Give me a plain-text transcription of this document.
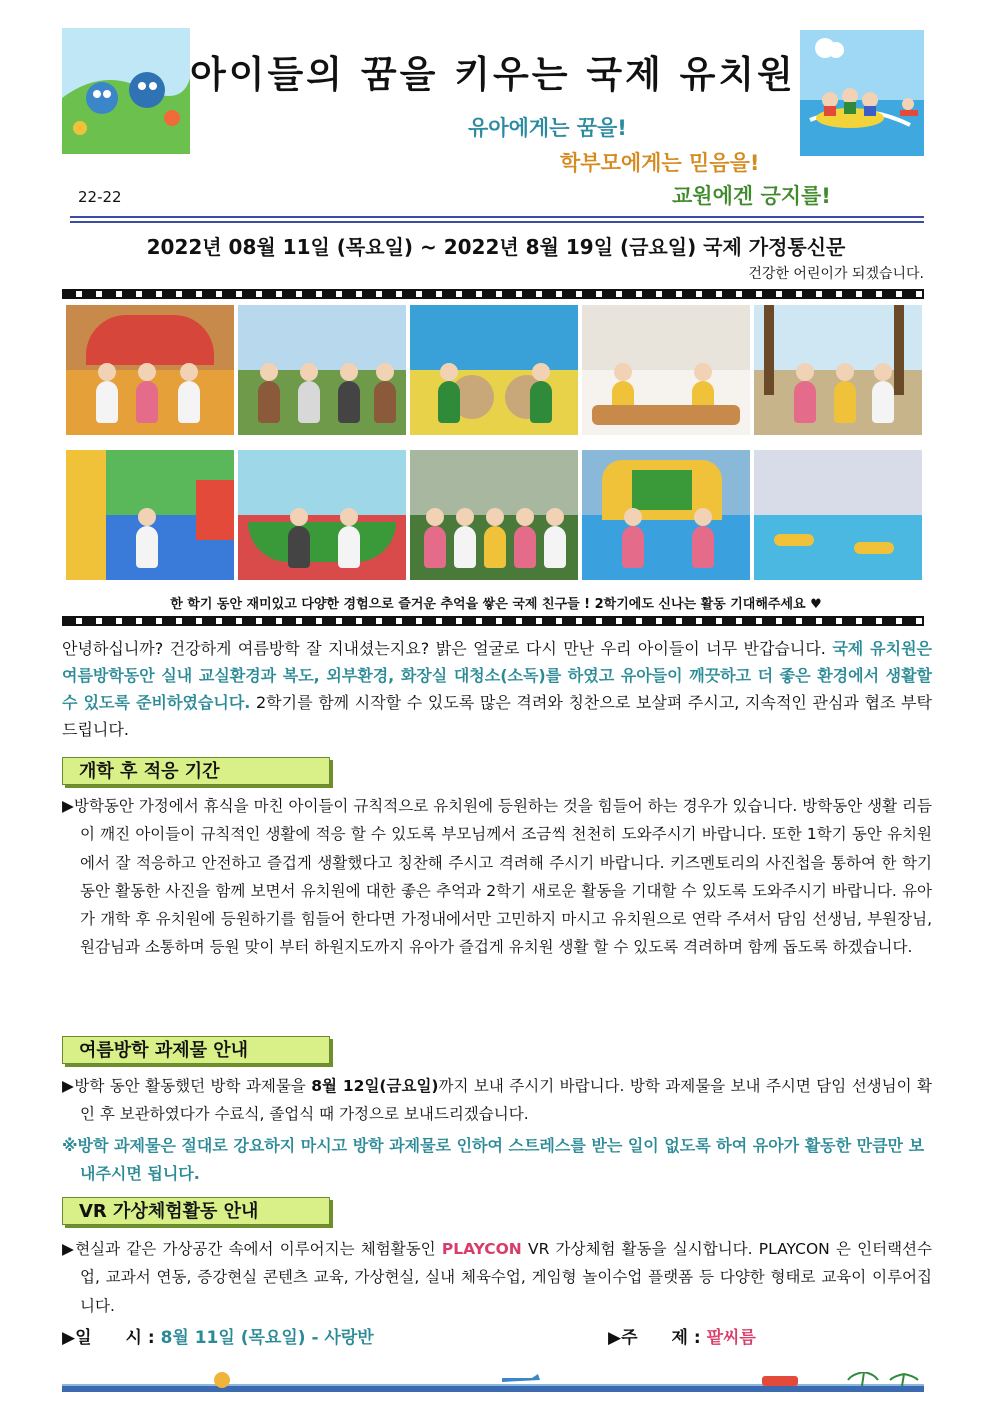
아이들의 꿈을 키우는 국제 유치원
유아에게는 꿈을!
학부모에게는 믿음을!
교원에겐 긍지를!
22-22
2022년 08월 11일 (목요일) ~ 2022년 8월 19일 (금요일) 국제 가정통신문
건강한 어린이가 되겠습니다.
한 학기 동안 재미있고 다양한 경험으로 즐거운 추억을 쌓은 국제 친구들 ! 2학기에도 신나는 활동 기대해주세요 ♥
안녕하십니까? 건강하게 여름방학 잘 지내셨는지요? 밝은 얼굴로 다시 만난 우리 아이들이 너무 반갑습니다. 국제 유치원은 여름방학동안 실내 교실환경과 복도, 외부환경, 화장실 대청소(소독)를 하였고 유아들이 깨끗하고 더 좋은 환경에서 생활할 수 있도록 준비하였습니다. 2학기를 함께 시작할 수 있도록 많은 격려와 칭찬으로 보살펴 주시고, 지속적인 관심과 협조 부탁드립니다.
개학 후 적응 기간
▶방학동안 가정에서 휴식을 마친 아이들이 규칙적으로 유치원에 등원하는 것을 힘들어 하는 경우가 있습니다. 방학동안 생활 리듬이 깨진 아이들이 규칙적인 생활에 적응 할 수 있도록 부모님께서 조금씩 천천히 도와주시기 바랍니다. 또한 1학기 동안 유치원에서 잘 적응하고 안전하고 즐겁게 생활했다고 칭찬해 주시고 격려해 주시기 바랍니다. 키즈멘토리의 사진첩을 통하여 한 학기 동안 활동한 사진을 함께 보면서 유치원에 대한 좋은 추억과 2학기 새로운 활동을 기대할 수 있도록 도와주시기 바랍니다. 유아가 개학 후 유치원에 등원하기를 힘들어 한다면 가정내에서만 고민하지 마시고 유치원으로 연락 주셔서 담임 선생님, 부원장님, 원감님과 소통하며 등원 맞이 부터 하원지도까지 유아가 즐겁게 유치원 생활 할 수 있도록 격려하며 함께 돕도록 하겠습니다.
여름방학 과제물 안내
▶방학 동안 활동했던 방학 과제물을 8월 12일(금요일)까지 보내 주시기 바랍니다. 방학 과제물을 보내 주시면 담임 선생님이 확인 후 보관하였다가 수료식, 졸업식 때 가정으로 보내드리겠습니다.
※방학 과제물은 절대로 강요하지 마시고 방학 과제물로 인하여 스트레스를 받는 일이 없도록 하여 유아가 활동한 만큼만 보내주시면 됩니다.
VR 가상체험활동 안내
▶현실과 같은 가상공간 속에서 이루어지는 체험활동인 PLAYCON VR 가상체험 활동을 실시합니다. PLAYCON 은 인터랙션수업, 교과서 연동, 증강현실 콘텐츠 교육, 가상현실, 실내 체육수업, 게임형 놀이수업 플랫폼 등 다양한 형태로 교육이 이루어집니다.
▶일　　시 : 8월 11일 (목요일) - 사랑반	▶주　　제 : 팥씨름
